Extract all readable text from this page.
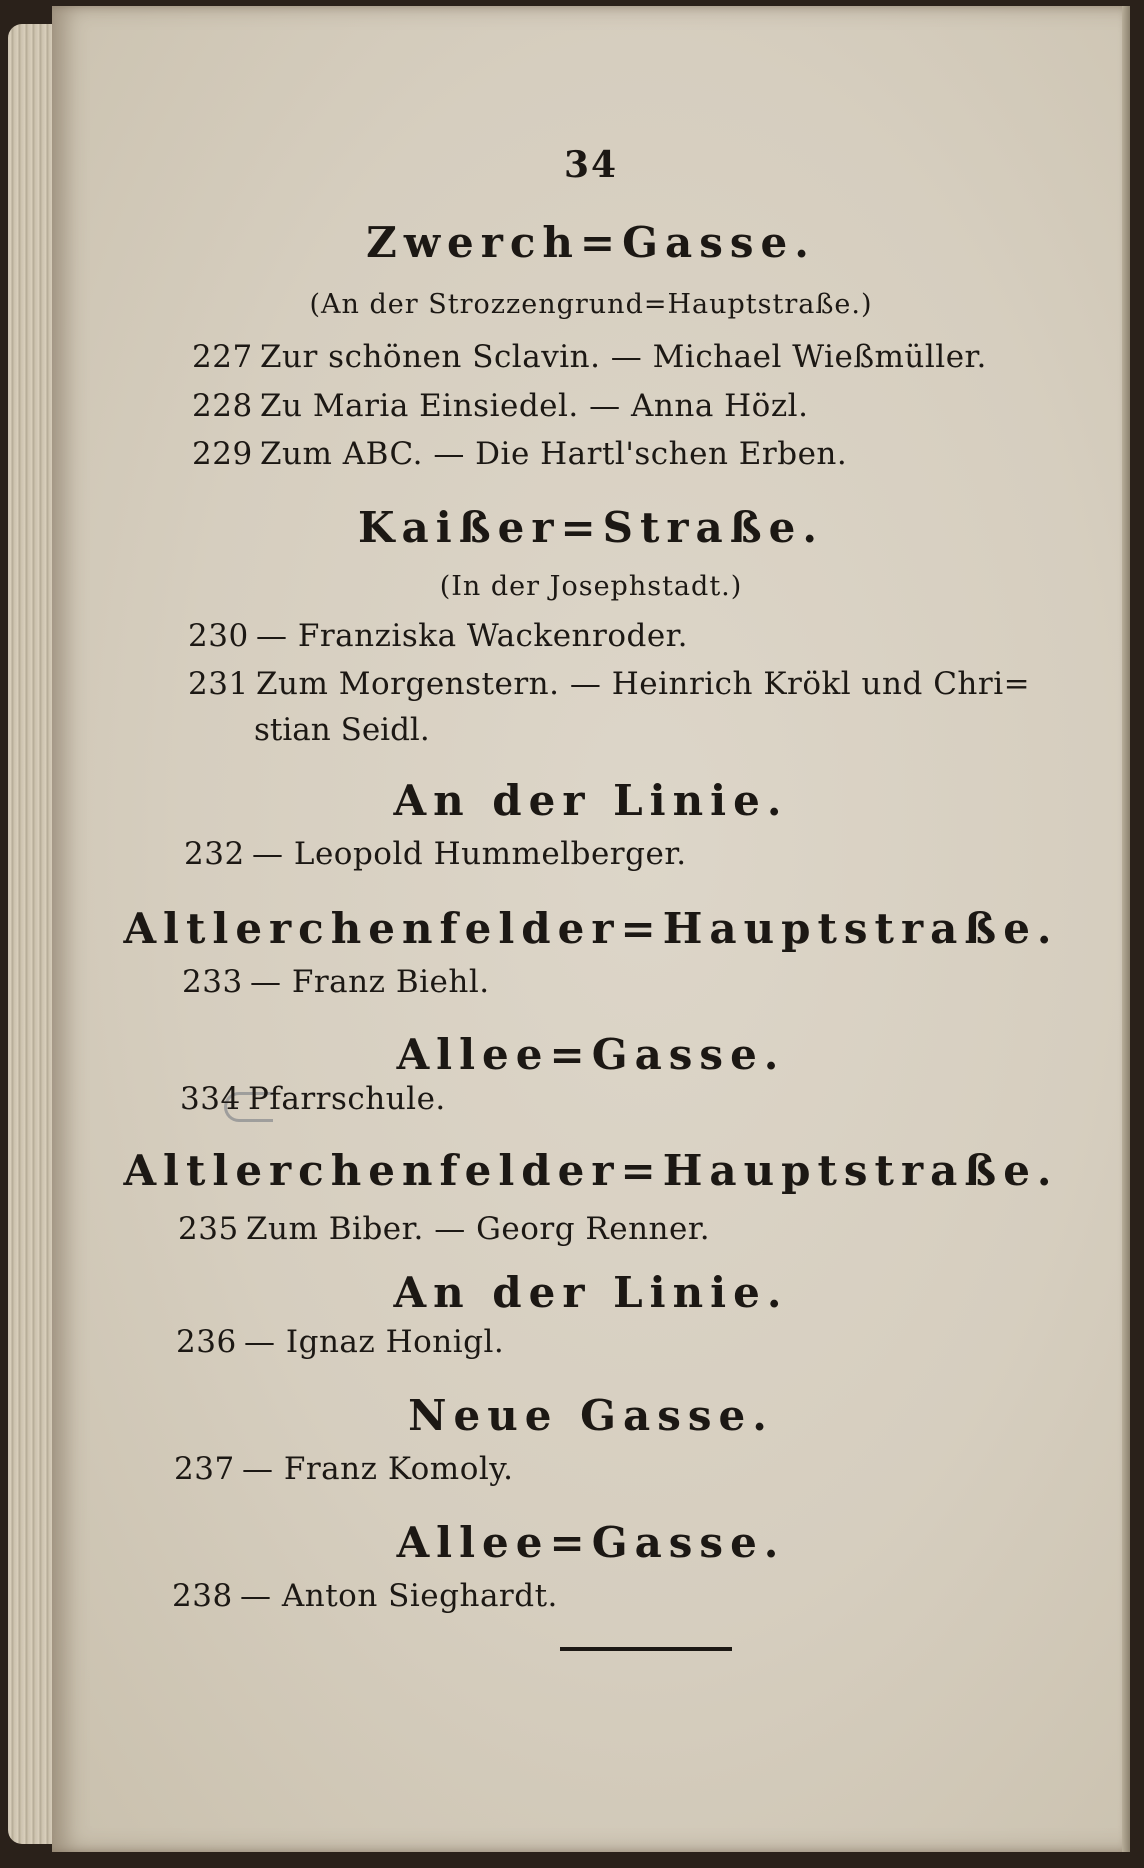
34
Zwerch=Gasse.
(An der Strozzengrund=Hauptstraße.)
227 Zur schönen Sclavin. — Michael Wießmüller.
228 Zu Maria Einsiedel. — Anna Hözl.
229 Zum ABC. — Die Hartl'schen Erben.
Kaißer=Straße.
(In der Josephstadt.)
230 — Franziska Wackenroder.
231 Zum Morgenstern. — Heinrich Krökl und Chri=
stian Seidl.
An der Linie.
232 — Leopold Hummelberger.
Altlerchenfelder=Hauptstraße.
233 — Franz Biehl.
Allee=Gasse.
334 Pfarrschule.
Altlerchenfelder=Hauptstraße.
235 Zum Biber. — Georg Renner.
An der Linie.
236 — Ignaz Honigl.
Neue Gasse.
237 — Franz Komoly.
Allee=Gasse.
238 — Anton Sieghardt.
